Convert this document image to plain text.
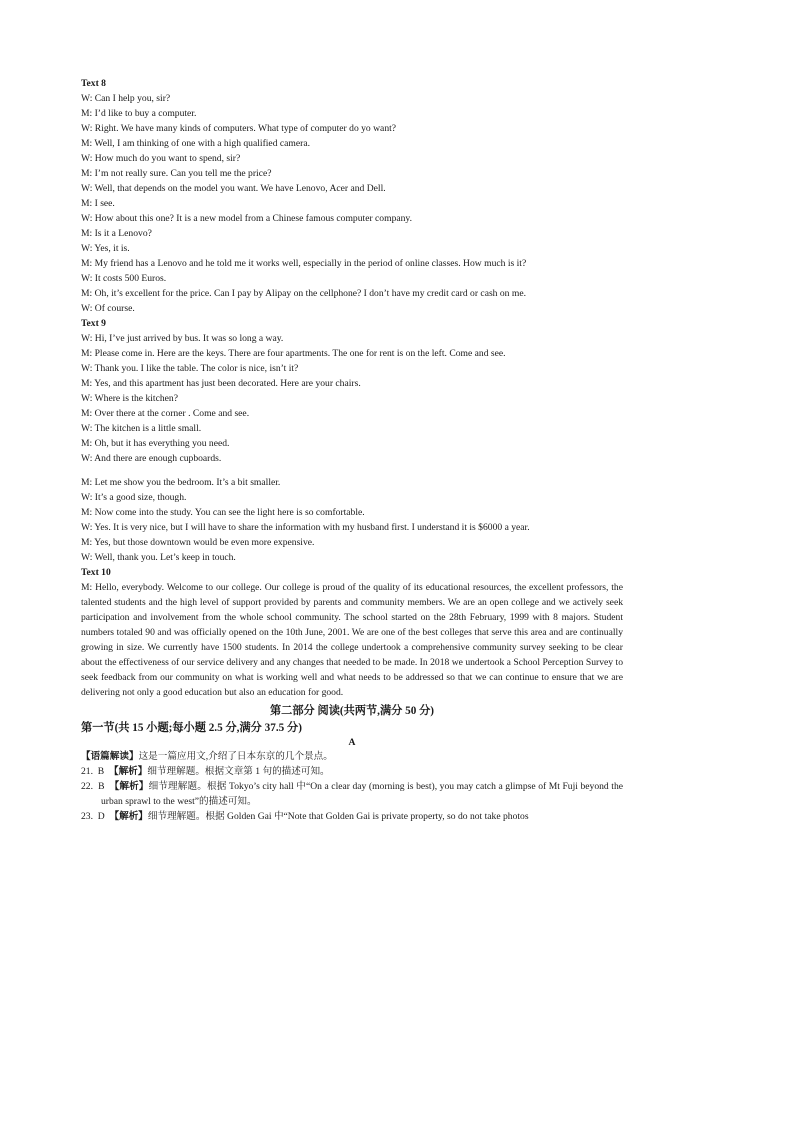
Text 8
W: Can I help you, sir?
M: I’d like to buy a computer.
W: Right. We have many kinds of computers. What type of computer do yo want?
M: Well, I am thinking of one with a high qualified camera.
W: How much do you want to spend, sir?
M: I’m not really sure. Can you tell me the price?
W: Well, that depends on the model you want. We have Lenovo, Acer and Dell.
M: I see.
W: How about this one? It is a new model from a Chinese famous computer company.
M: Is it a Lenovo?
W: Yes, it is.
M: My friend has a Lenovo and he told me it works well, especially in the period of online classes. How much is it?
W: It costs 500 Euros.
M: Oh, it’s excellent for the price. Can I pay by Alipay on the cellphone? I don’t have my credit card or cash on me.
W: Of course.
Text 9
W: Hi, I’ve just arrived by bus. It was so long a way.
M: Please come in. Here are the keys. There are four apartments. The one for rent is on the left. Come and see.
W: Thank you. I like the table. The color is nice, isn’t it?
M: Yes, and this apartment has just been decorated. Here are your chairs.
W: Where is the kitchen?
M: Over there at the corner . Come and see.
W: The kitchen is a little small.
M: Oh, but it has everything you need.
W: And there are enough cupboards.
M: Let me show you the bedroom. It’s a bit smaller.
W: It’s a good size, though.
M: Now come into the study. You can see the light here is so comfortable.
W: Yes. It is very nice, but I will have to share the information with my husband first. I understand it is $6000 a year.
M: Yes, but those downtown would be even more expensive.
W: Well, thank you. Let’s keep in touch.
Text 10
M: Hello, everybody. Welcome to our college. Our college is proud of the quality of its educational resources, the excellent professors, the talented students and the high level of support provided by parents and community members. We are an open college and we actively seek participation and involvement from the whole school community. The school started on the 28th February, 1999 with 8 majors. Student numbers totaled 90 and was officially opened on the 10th June, 2001. We are one of the best colleges that serve this area and are continually growing in size. We currently have 1500 students. In 2014 the college undertook a comprehensive community survey seeking to be clear about the effectiveness of our service delivery and any changes that needed to be made. In 2018 we undertook a School Perception Survey to seek feedback from our community on what is working well and what needs to be addressed so that we can continue to ensure that we are delivering not only a good education but also an education for good.
第二部分 阅读(共两节,满分 50 分)
第一节(共 15 小题;每小题 2.5 分,满分 37.5 分)
A
【语篇解读】这是一篇应用文,介绍了日本东京的几个景点。
21. B 【解析】细节理解题。根据文章第 1 句的描述可知。
22. B 【解析】细节理解题。根据 Tokyo’s city hall 中“On a clear day (morning is best), you may catch a glimpse of Mt Fuji beyond the urban sprawl to the west”的描述可知。
23. D 【解析】细节理解题。根据 Golden Gai 中“Note that Golden Gai is private property, so do not take photos
